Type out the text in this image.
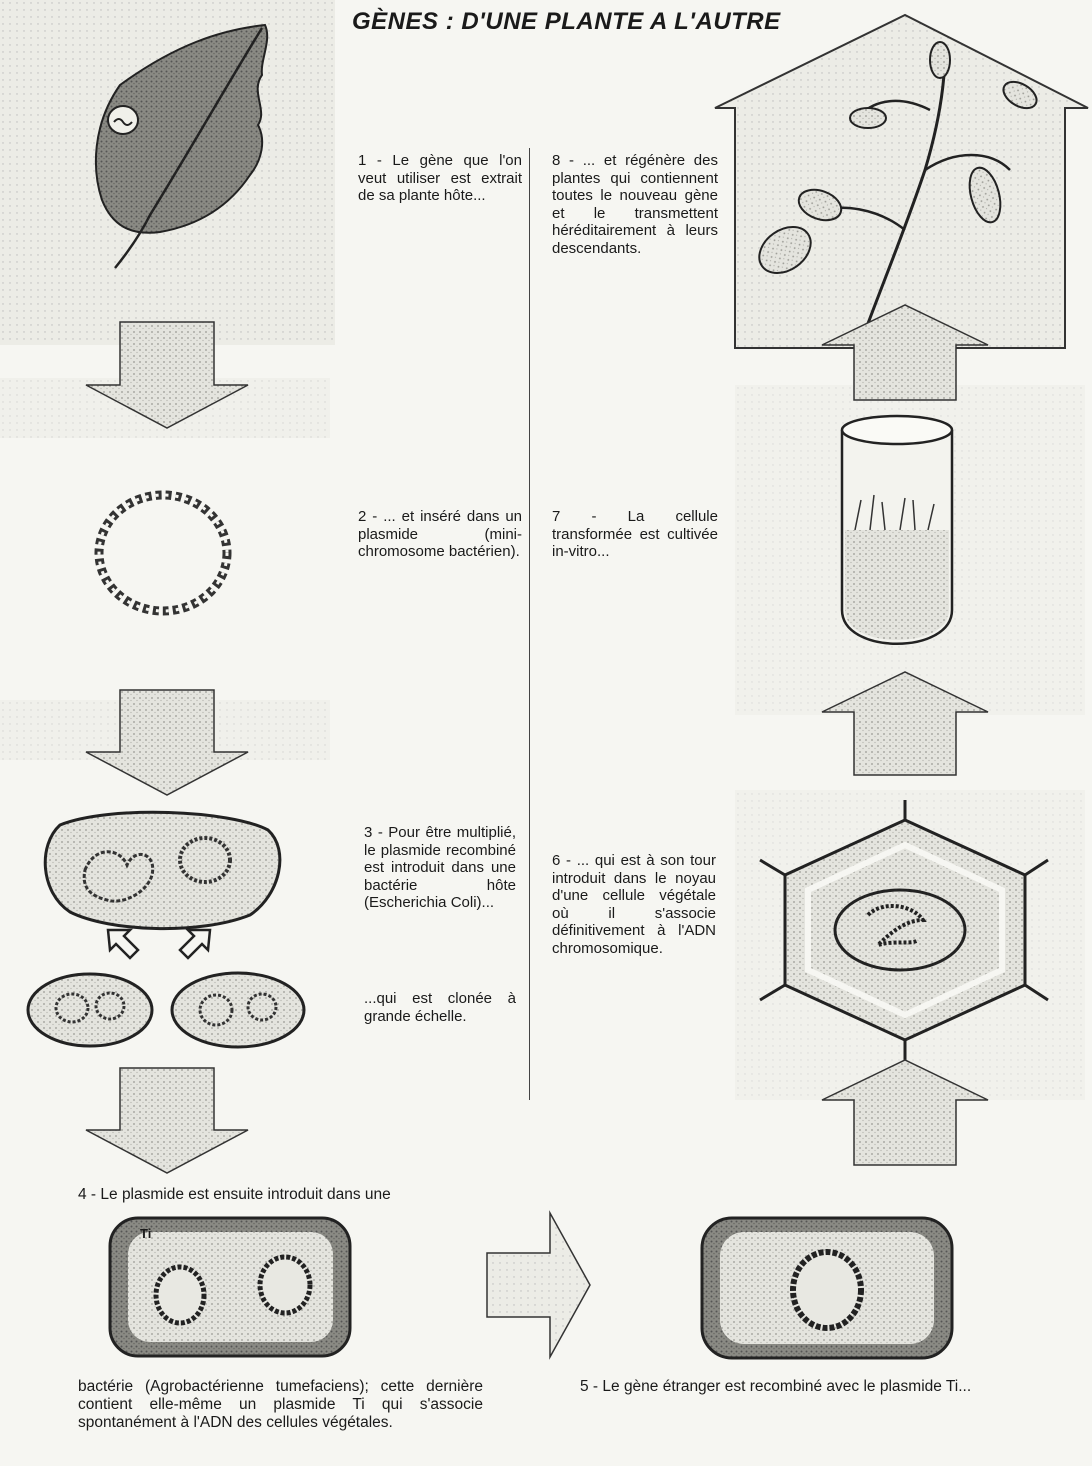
GÈNES : D'UNE PLANTE A L'AUTRE
Ti
1 - Le gène que l'on veut utiliser est extrait de sa plante hôte...
2 - ... et inséré dans un plasmide (mini-chromosome bactérien).
3 - Pour être multiplié, le plasmide recombiné est introduit dans une bactérie hôte (Escherichia Coli)...
...qui est clonée à grande échelle.
8 - ... et régénère des plantes qui contiennent toutes le nouveau gène et le transmettent héréditairement à leurs descendants.
7 - La cellule transformée est cultivée in-vitro...
6 - ... qui est à son tour introduit dans le noyau d'une cellule végétale où il s'associe définitivement à l'ADN chromosomique.
4 - Le plasmide est ensuite introduit dans une
bactérie (Agrobactérienne tumefaciens); cette dernière contient elle-même un plasmide Ti qui s'associe spontanément à l'ADN des cellules végétales.
5 - Le gène étranger est recombiné avec le plasmide Ti...
